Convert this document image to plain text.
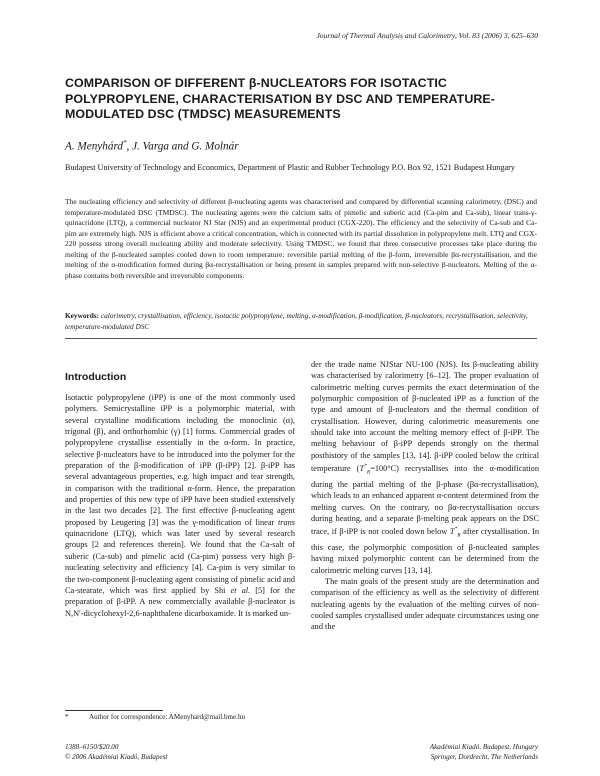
Journal of Thermal Analysis and Calorimetry, Vol. 83 (2006) 3, 625–630
COMPARISON OF DIFFERENT β-NUCLEATORS FOR ISOTACTIC POLYPROPYLENE, CHARACTERISATION BY DSC AND TEMPERATURE-MODULATED DSC (TMDSC) MEASUREMENTS
A. Menyhárd*, J. Varga and G. Molnár
Budapest University of Technology and Economics, Department of Plastic and Rubber Technology P.O. Box 92, 1521 Budapest Hungary
The nucleating efficiency and selectivity of different β-nucleating agents was characterised and compared by differential scanning calorimetry, (DSC) and temperature-modulated DSC (TMDSC). The nucleating agents were the calcium salts of pimelic and suberic acid (Ca-pim and Ca-sub), linear trans-γ-quinacridone (LTQ), a commercial nucleator NJ Star (NJS) and an experimental product (CGX-220). The efficiency and the selectivity of Ca-sub and Ca-pim are extremely high. NJS is efficient above a critical concentration, which is connected with its partial dissolution in polypropylene melt. LTQ and CGX-220 possess strong overall nucleating ability and moderate selectivity. Using TMDSC, we found that three consecutive processes take place during the melting of the β-nucleated samples cooled down to room temperature: reversible partial melting of the β-form, irreversible βα-recrystallisation, and the melting of the α-modification formed during βα-recrystallisation or being present in samples prepared with non-selective β-nucleators. Melting of the α-phase contains both reversible and irreversible components.
Keywords: calorimetry, crystallisation, efficiency, isotactic polypropylene, melting, α-modification, β-modification, β-nucleators, recrystallisation, selectivity, temperature-modulated DSC
Introduction

Isotactic polypropylene (iPP) is one of the most commonly used polymers. Semicrystalline iPP is a polymorphic material, with several crystalline modifications including the monoclinic (α), trigonal (β), and orthorhombic (γ) [1] forms. Commercial grades of polypropylene crystallise essentially in the α-form. In practice, selective β-nucleators have to be introduced into the polymer for the preparation of the β-modification of iPP (β-iPP) [2]. β-iPP has several advantageous properties, e.g. high impact and tear strength, in comparison with the traditional α-form. Hence, the preparation and properties of this new type of iPP have been studied extensively in the last two decades [2]. The first effective β-nucleating agent proposed by Leugering [3] was the γ-modification of linear trans quinacridone (LTQ), which was later used by several research groups [2 and references therein]. We found that the Ca-salt of suberic (Ca-sub) and pimelic acid (Ca-pim) possess very high β-nucleating selectivity and efficiency [4]. Ca-pim is very similar to the two-component β-nucleating agent consisting of pimelic acid and Ca-stearate, which was first applied by Shi et al. [5] for the preparation of β-iPP. A new commercially available β-nucleator is N,N′-dicyclohexyl-2,6-naphthalene dicarboxamide. It is marked un-

der the trade name NJStar NU-100 (NJS). Its β-nucleating ability was characterised by calorimetry [6–12]. The proper evaluation of calorimetric melting curves permits the exact determination of the polymorphic composition of β-nucleated iPP as a function of the type and amount of β-nucleators and the thermal condition of crystallisation. However, during calorimetric measurements one should take into account the melting memory effect of β-iPP. The melting behaviour of β-iPP depends strongly on the thermal posthistory of the samples [13, 14]. β-iPP cooled below the critical temperature $(T^*_R=100^\circ C)$ recrystallises into the α-modification during the partial melting of the β-phase (βα-recrystallisation), which leads to an enhanced apparent α-content determined from the melting curves. On the contrary, no βα-recrystallisation occurs during heating, and a separate β-melting peak appears on the DSC trace, if β-iPP is not cooled down below $T^*_R$ after crystallisation. In this case, the polymorphic composition of β-nucleated samples having mixed polymorphic content can be determined from the calorimetric melting curves [13, 14].

The main goals of the present study are the determination and comparison of the efficiency as well as the selectivity of different nucleating agents by the evaluation of the melting curves of non-cooled samples crystallised under adequate circumstances using one and the

*	Author for correspondence: AMenyhard@mail.bme.hu
1388–6150/$20.00
© 2006 Akadémiai Kiadó, Budapest
Akadémiai Kiadó, Budapest, Hungary
Springer, Dordrecht, The Netherlands
